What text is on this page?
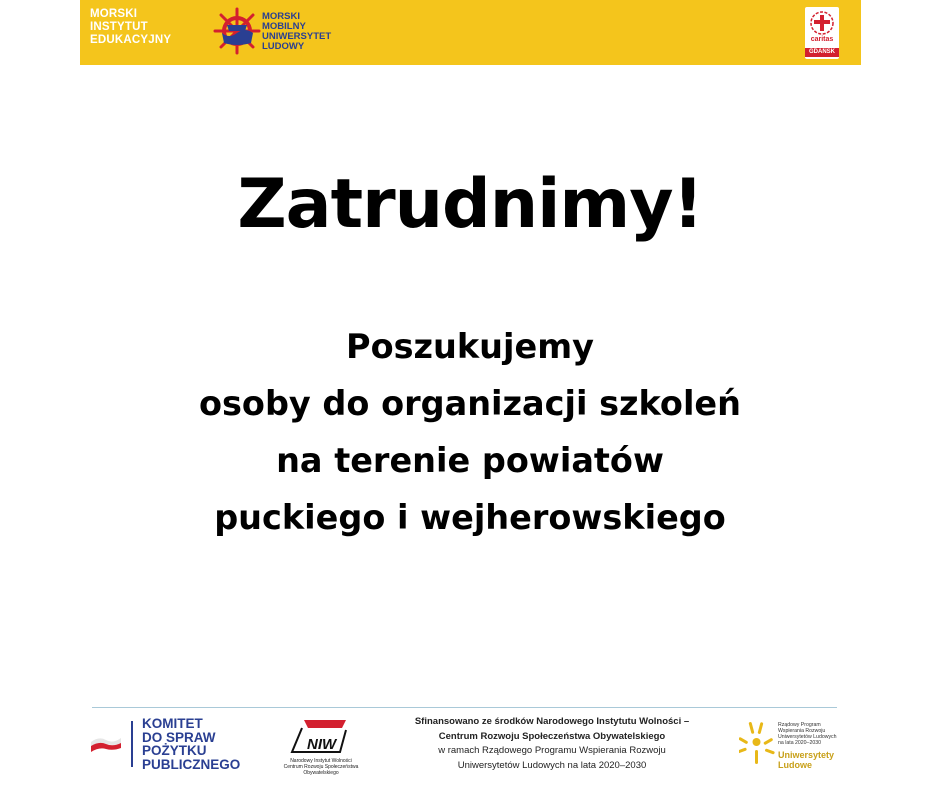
MORSKI
INSTYTUT
EDUKACYJNY
MORSKI
MOBILNY
UNIWERSYTET
LUDOWY
caritas
GDAŃSK
Zatrudnimy!
Poszukujemy
osoby do organizacji szkoleń
na terenie powiatów
puckiego i wejherowskiego
KOMITET
DO SPRAW
POŻYTKU
PUBLICZNEGO
NIW
Narodowy Instytut Wolności
Centrum Rozwoju Społeczeństwa Obywatelskiego
Sfinansowano ze środków Narodowego Instytutu Wolności –
Centrum Rozwoju Społeczeństwa Obywatelskiego
w ramach Rządowego Programu Wspierania Rozwoju
Uniwersytetów Ludowych na lata 2020–2030
Rządowy Program
Wspierania Rozwoju
Uniwersytetów Ludowych
na lata 2020–2030
Uniwersytety
Ludowe
